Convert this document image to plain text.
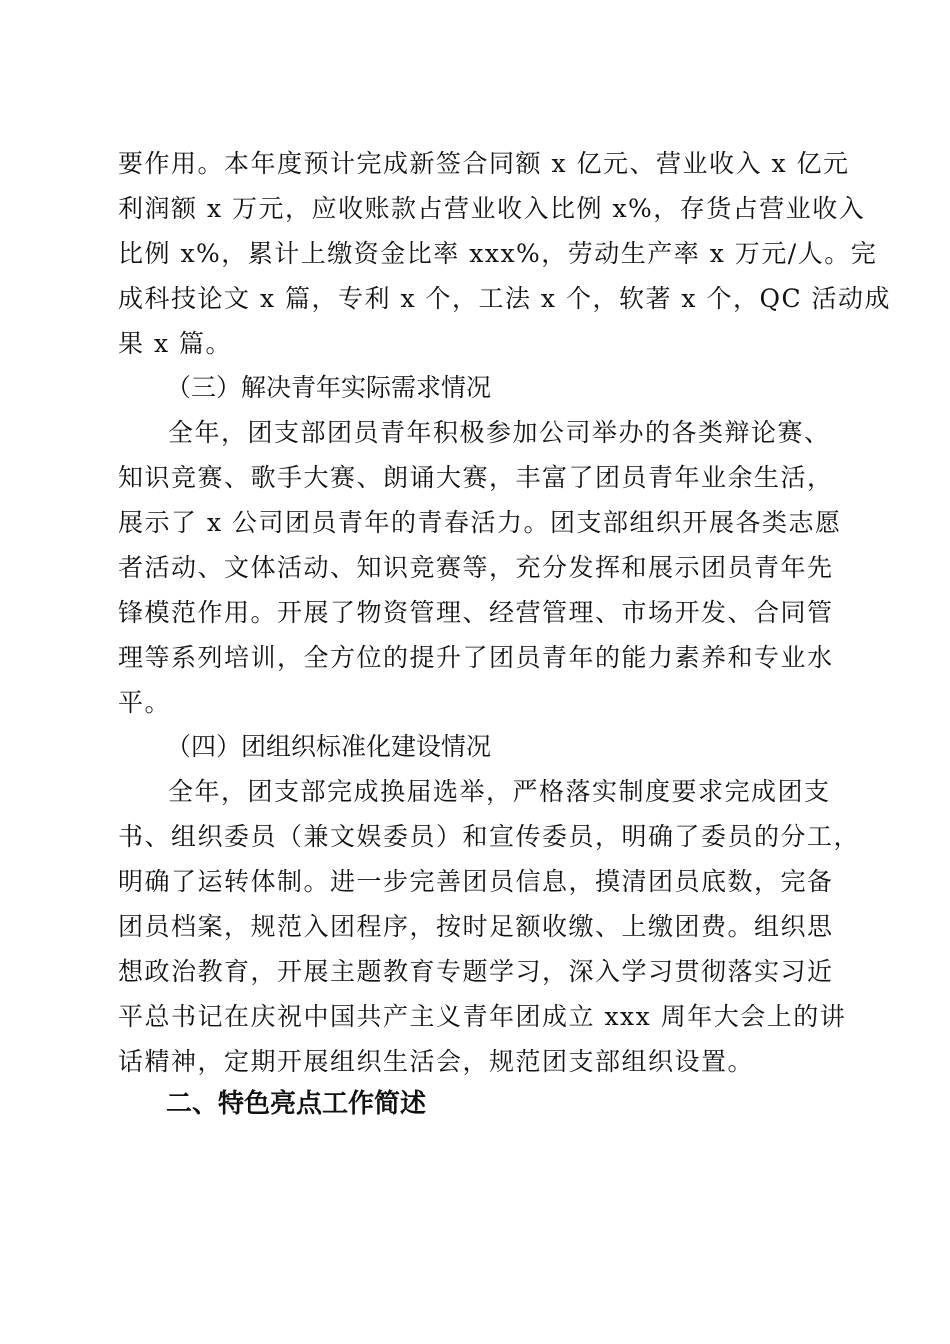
要作用。本年度预计完成新签合同额 x 亿元、营业收入 x 亿元
利润额 x 万元，应收账款占营业收入比例 x%，存货占营业收入
比例 x%，累计上缴资金比率 xxx%，劳动生产率 x 万元/人。完
成科技论文 x 篇，专利 x 个，工法 x 个，软著 x 个，QC 活动成
果 x 篇。
（三）解决青年实际需求情况
全年，团支部团员青年积极参加公司举办的各类辩论赛、
知识竞赛、歌手大赛、朗诵大赛，丰富了团员青年业余生活，
展示了 x 公司团员青年的青春活力。团支部组织开展各类志愿
者活动、文体活动、知识竞赛等，充分发挥和展示团员青年先
锋模范作用。开展了物资管理、经营管理、市场开发、合同管
理等系列培训，全方位的提升了团员青年的能力素养和专业水
平。
（四）团组织标准化建设情况
全年，团支部完成换届选举，严格落实制度要求完成团支
书、组织委员（兼文娱委员）和宣传委员，明确了委员的分工，
明确了运转体制。进一步完善团员信息，摸清团员底数，完备
团员档案，规范入团程序，按时足额收缴、上缴团费。组织思
想政治教育，开展主题教育专题学习，深入学习贯彻落实习近
平总书记在庆祝中国共产主义青年团成立 xxx 周年大会上的讲
话精神，定期开展组织生活会，规范团支部组织设置。
二、特色亮点工作简述
